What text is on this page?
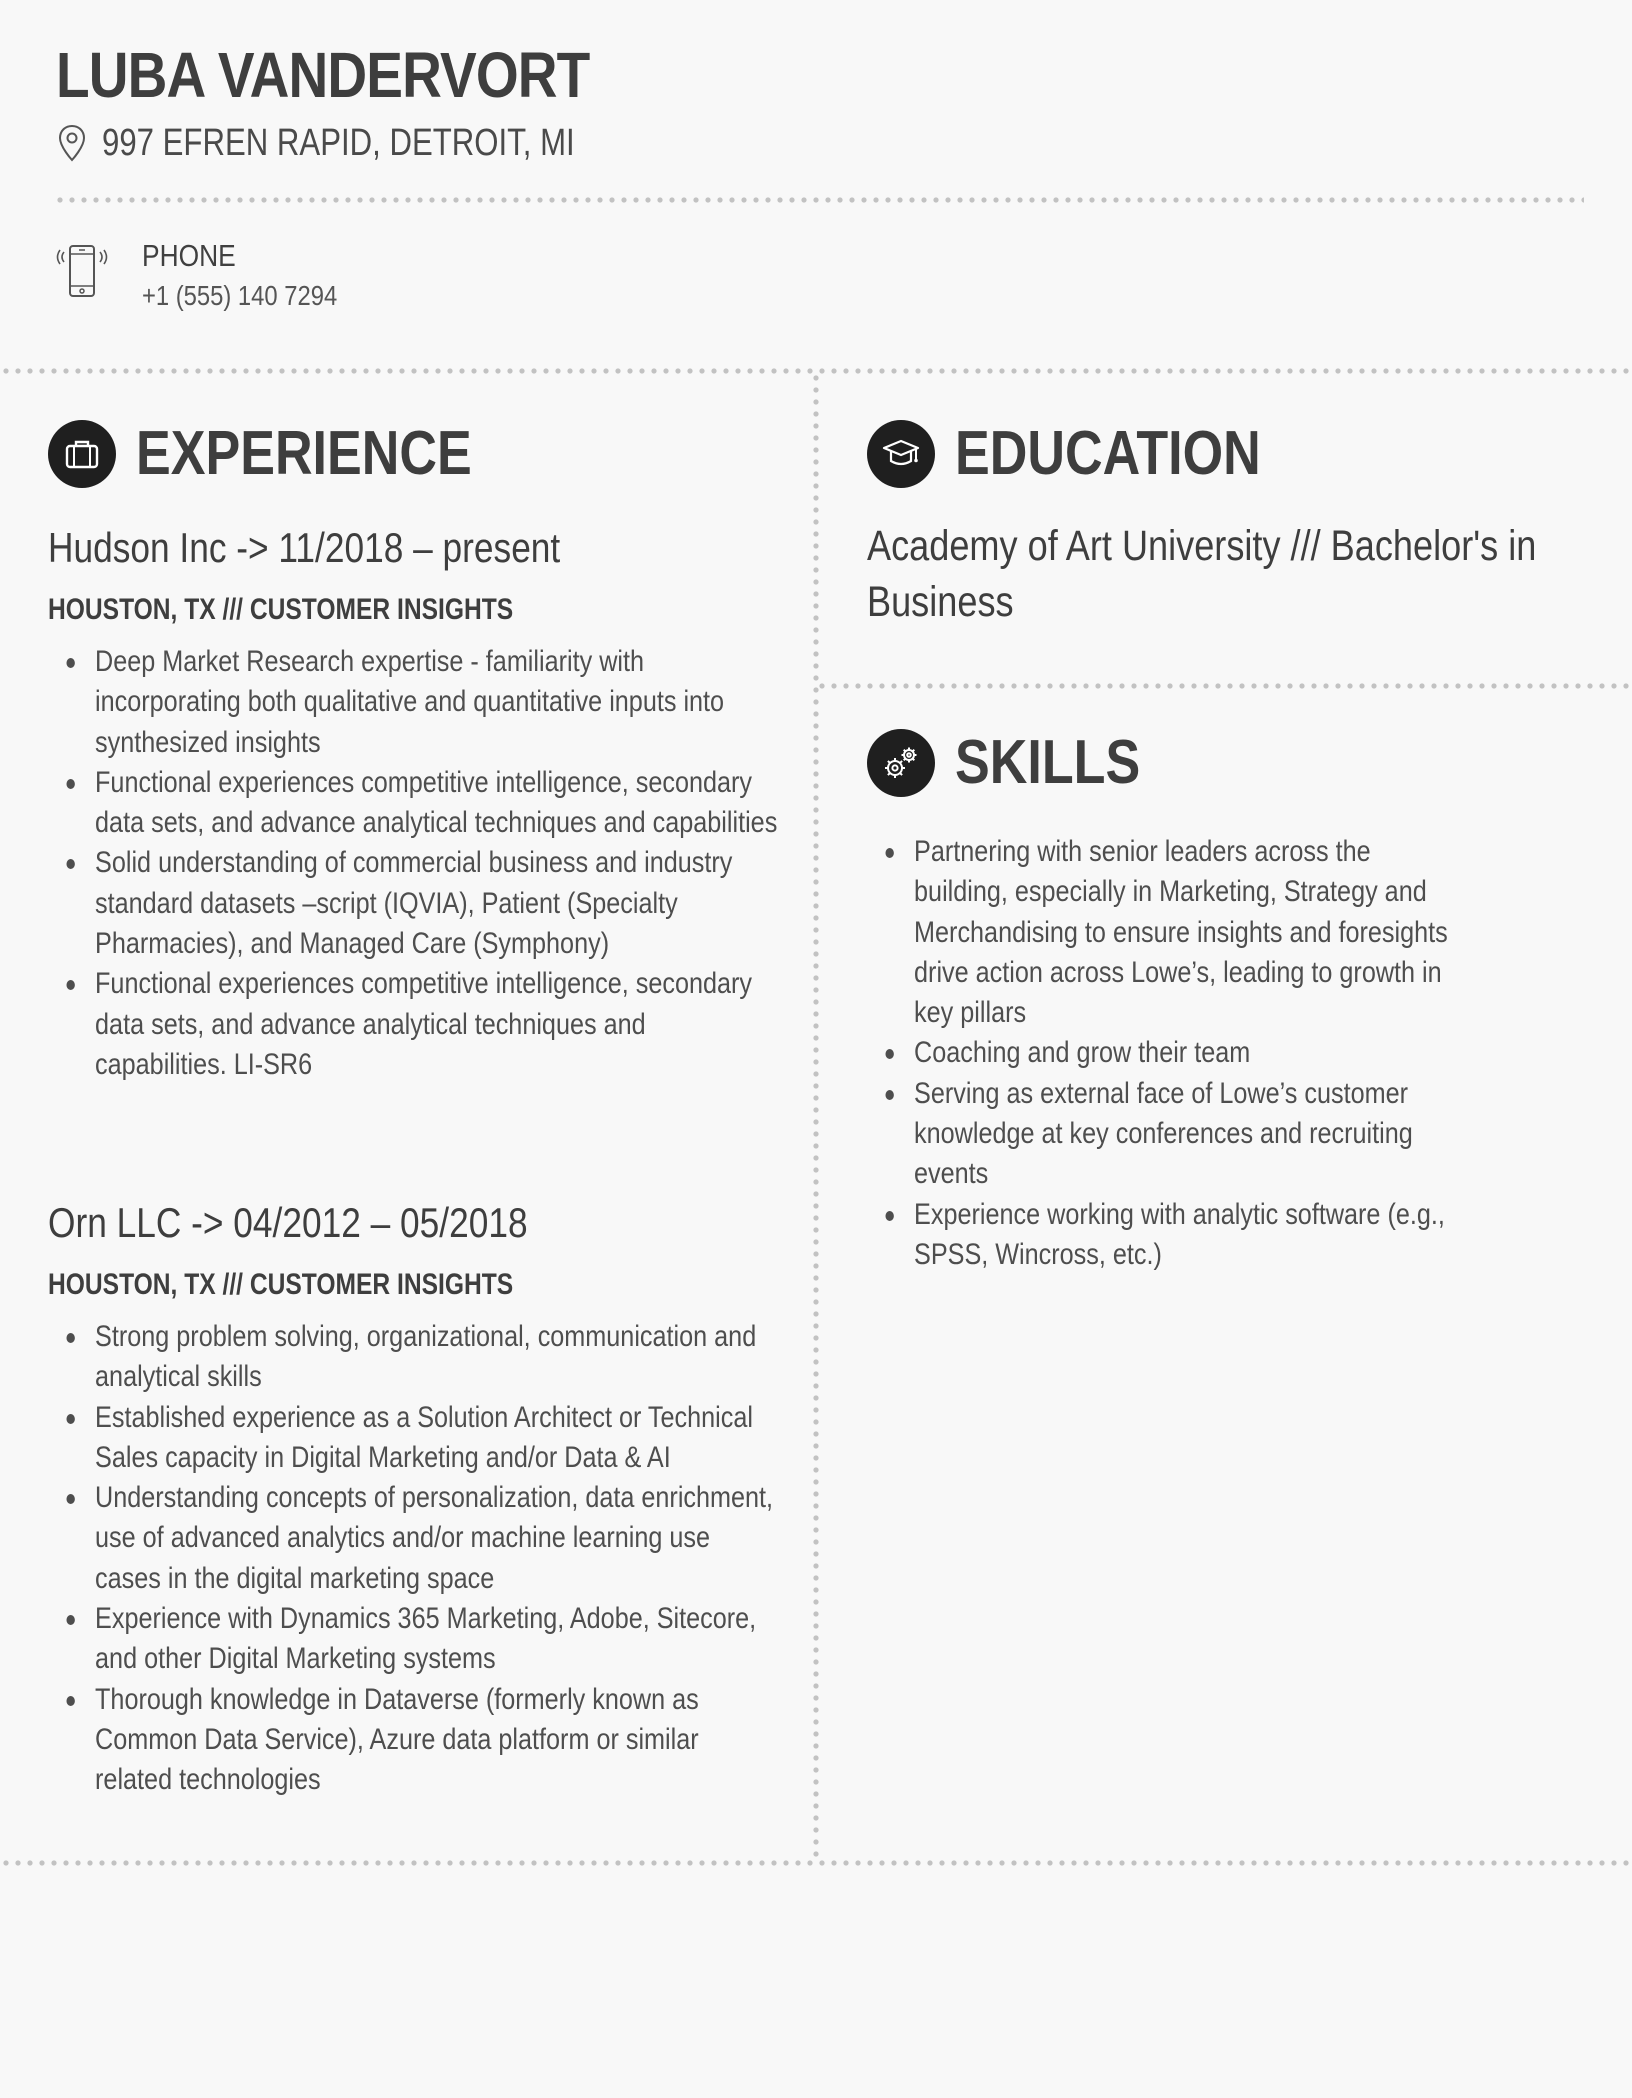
LUBA VANDERVORT
997 EFREN RAPID, DETROIT, MI
PHONE
+1 (555) 140 7294
EXPERIENCE
Hudson Inc -> 11/2018 – present
HOUSTON, TX /// CUSTOMER INSIGHTS
Deep Market Research expertise - familiarity with incorporating both qualitative and quantitative inputs into synthesized insights
Functional experiences competitive intelligence, secondary data sets, and advance analytical techniques and capabilities
Solid understanding of commercial business and industry standard datasets –script (IQVIA), Patient (Specialty Pharmacies), and Managed Care (Symphony)
Functional experiences competitive intelligence, secondary data sets, and advance analytical techniques and capabilities. LI-SR6
Orn LLC -> 04/2012 – 05/2018
HOUSTON, TX /// CUSTOMER INSIGHTS
Strong problem solving, organizational, communication and analytical skills
Established experience as a Solution Architect or Technical Sales capacity in Digital Marketing and/or Data & AI
Understanding concepts of personalization, data enrichment, use of advanced analytics and/or machine learning use cases in the digital marketing space
Experience with Dynamics 365 Marketing, Adobe, Sitecore, and other Digital Marketing systems
Thorough knowledge in Dataverse (formerly known as Common Data Service), Azure data platform or similar related technologies
EDUCATION
Academy of Art University /// Bachelor's in Business
SKILLS
Partnering with senior leaders across the building, especially in Marketing, Strategy and Merchandising to ensure insights and foresights drive action across Lowe’s, leading to growth in key pillars
Coaching and grow their team
Serving as external face of Lowe’s customer knowledge at key conferences and recruiting events
Experience working with analytic software (e.g., SPSS, Wincross, etc.)
